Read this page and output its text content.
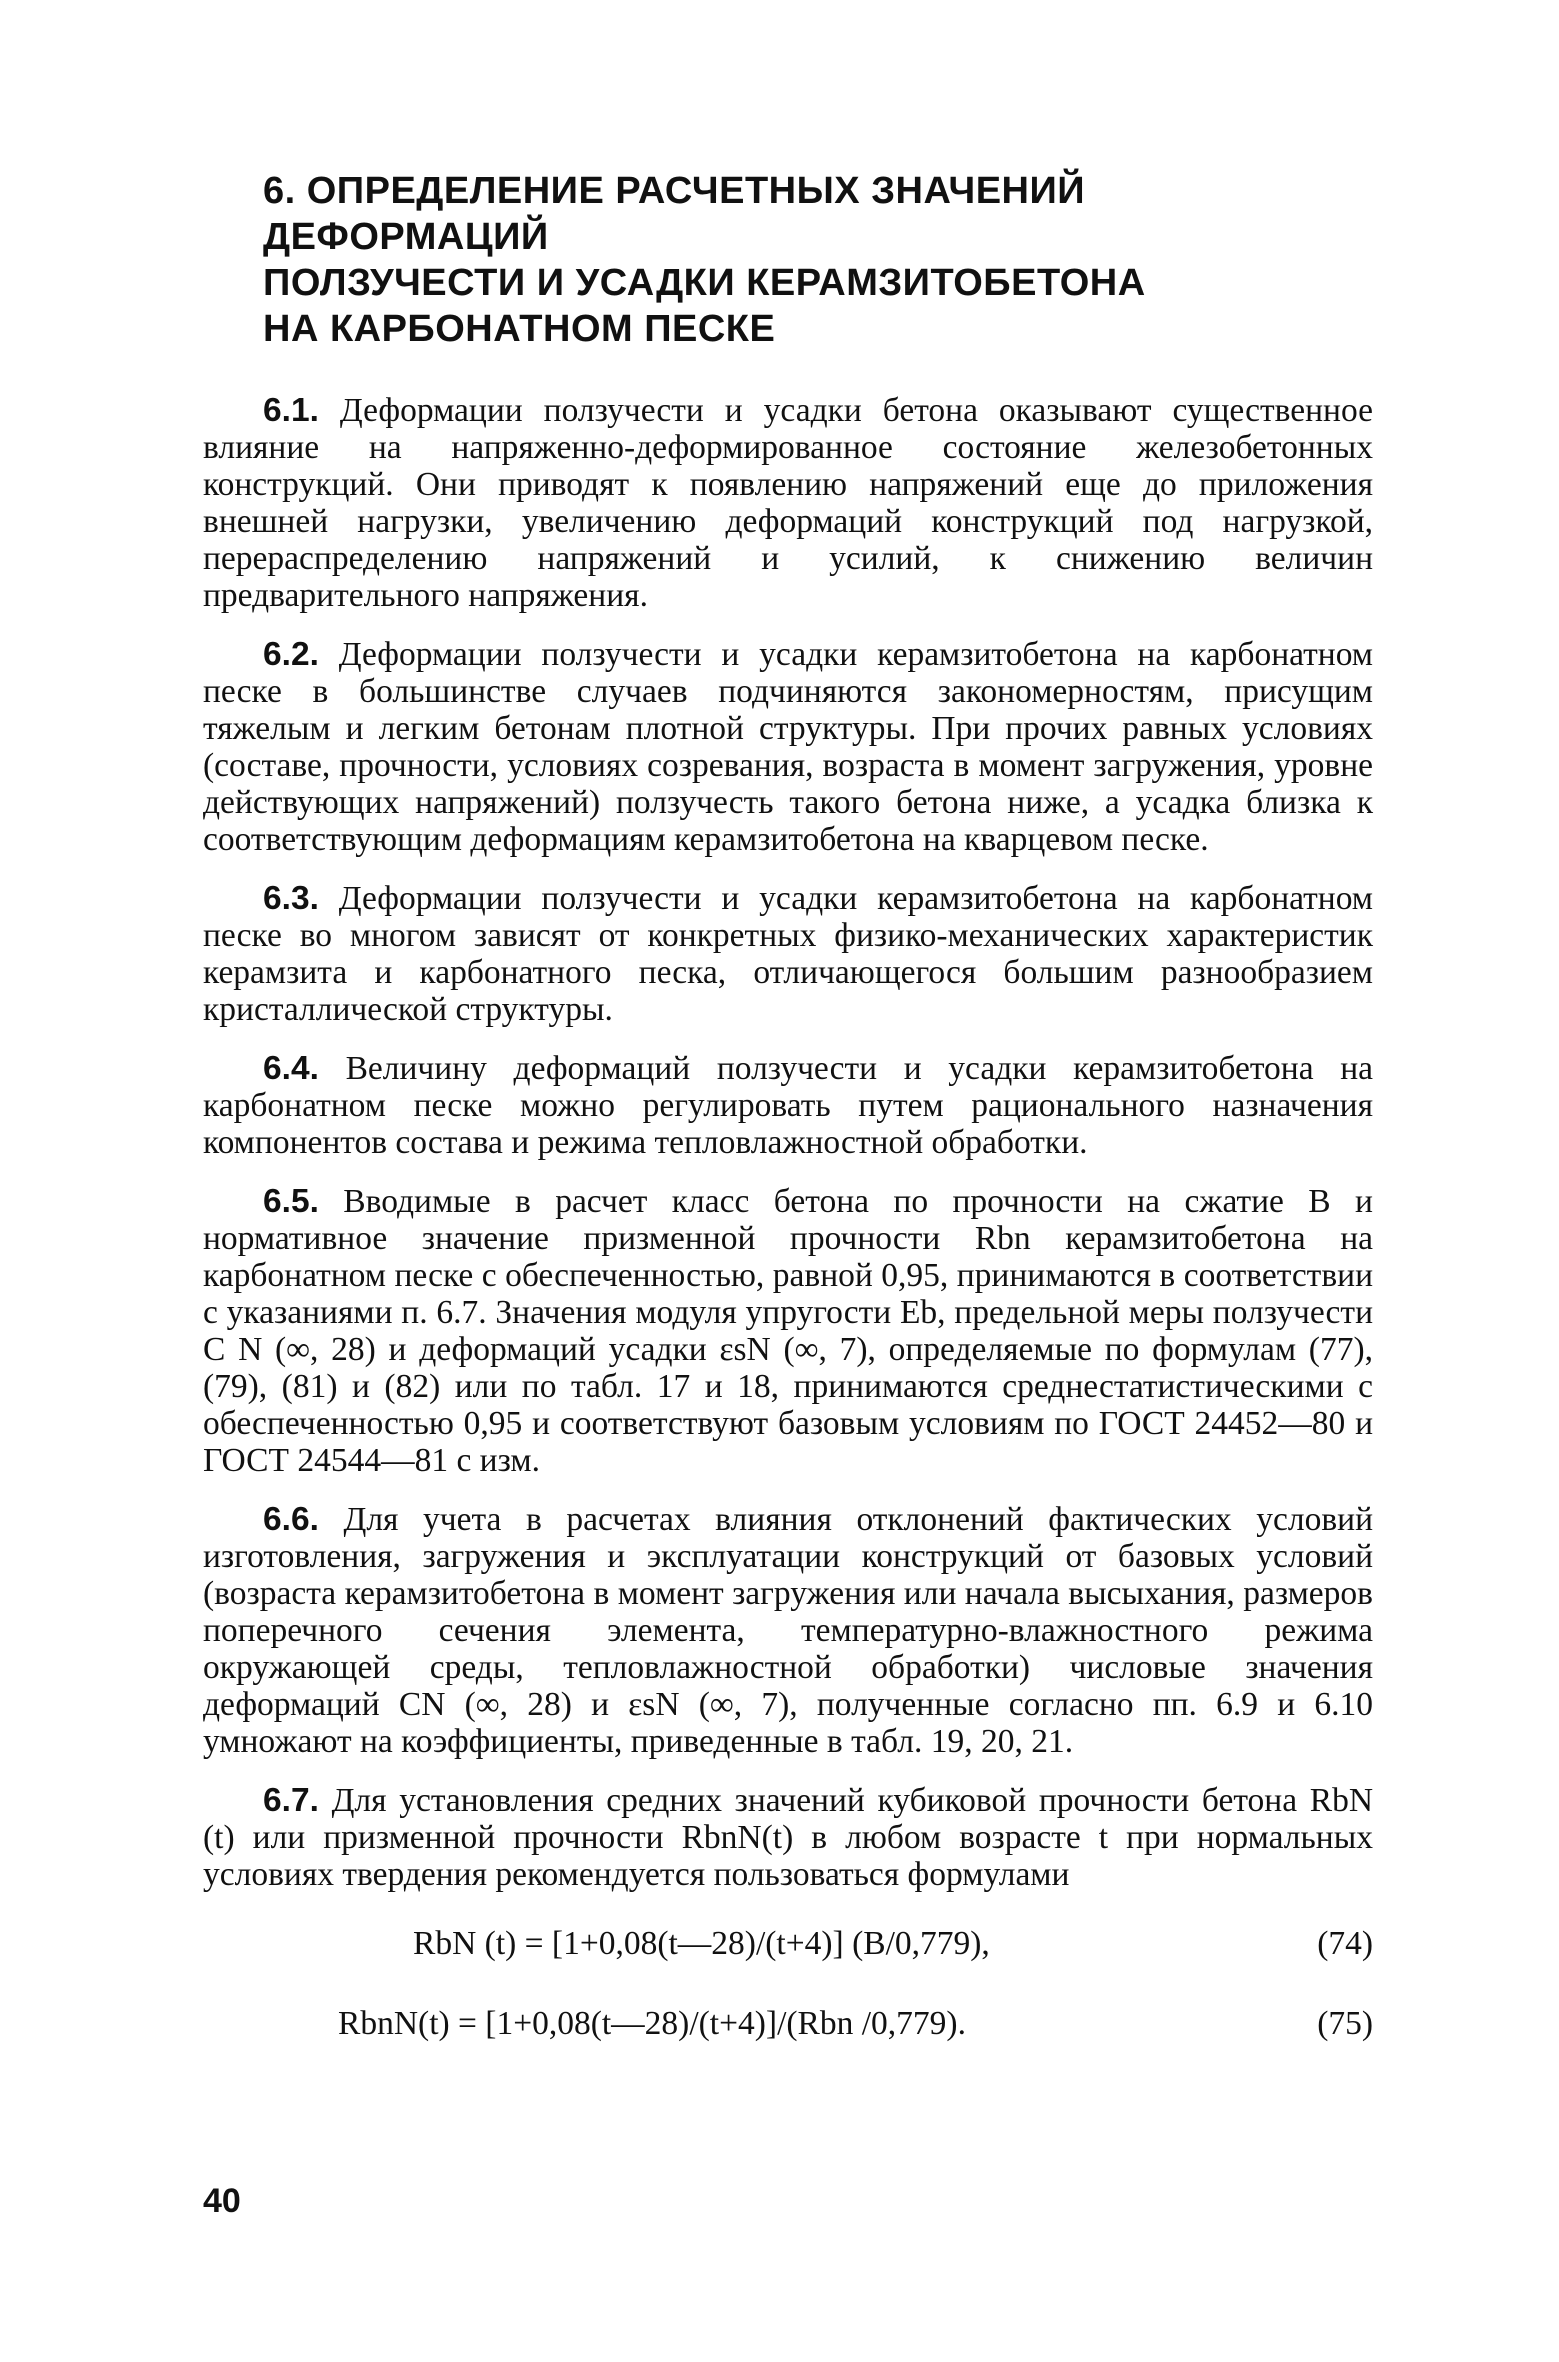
6. ОПРЕДЕЛЕНИЕ РАСЧЕТНЫХ ЗНАЧЕНИЙ ДЕФОРМАЦИЙ
ПОЛЗУЧЕСТИ И УСАДКИ КЕРАМЗИТОБЕТОНА
НА КАРБОНАТНОМ ПЕСКЕ

6.1. Деформации ползучести и усадки бетона оказывают существенное влияние на напряженно-деформированное состояние железобетонных конструкций. Они приводят к появлению напряжений еще до приложения внешней нагрузки, увеличению деформаций конструкций под нагрузкой, перераспределению напряжений и усилий, к снижению величин предварительного напряжения.

6.2. Деформации ползучести и усадки керамзитобетона на карбонатном песке в большинстве случаев подчиняются закономерностям, присущим тяжелым и легким бетонам плотной структуры. При прочих равных условиях (составе, прочности, условиях созревания, возраста в момент загружения, уровне действующих напряжений) ползучесть такого бетона ниже, а усадка близка к соответствующим деформациям керамзитобетона на кварцевом песке.

6.3. Деформации ползучести и усадки керамзитобетона на карбонатном песке во многом зависят от конкретных физико-механических характеристик керамзита и карбонатного песка, отличающегося большим разнообразием кристаллической структуры.

6.4. Величину деформаций ползучести и усадки керамзитобетона на карбонатном песке можно регулировать путем рационального назначения компонентов состава и режима тепловлажностной обработки.

6.5. Вводимые в расчет класс бетона по прочности на сжатие В и нормативное значение призменной прочности Rbn керамзитобетона на карбонатном песке с обеспеченностью, равной 0,95, принимаются в соответствии с указаниями п. 6.7. Значения модуля упругости Eb, предельной меры ползучести C N (∞, 28) и деформаций усадки εsN (∞, 7), определяемые по формулам (77), (79), (81) и (82) или по табл. 17 и 18, принимаются среднестатистическими с обеспеченностью 0,95 и соответствуют базовым условиям по ГОСТ 24452—80 и ГОСТ 24544—81 с изм.

6.6. Для учета в расчетах влияния отклонений фактических условий изготовления, загружения и эксплуатации конструкций от базовых условий (возраста керамзитобетона в момент загружения или начала высыхания, размеров поперечного сечения элемента, температурно-влажностного режима окружающей среды, тепловлажностной обработки) числовые значения деформаций CN (∞, 28) и εsN (∞, 7), полученные согласно пп. 6.9 и 6.10 умножают на коэффициенты, приведенные в табл. 19, 20, 21.

6.7. Для установления средних значений кубиковой прочности бетона RbN (t) или призменной прочности RbnN(t) в любом возрасте t при нормальных условиях твердения рекомендуется пользоваться формулами

RbN (t) = [1+0,08(t—28)/(t+4)] (B/0,779),	(74)
RbnN(t) = [1+0,08(t—28)/(t+4)]/(Rbn /0,779).	(75)
40
